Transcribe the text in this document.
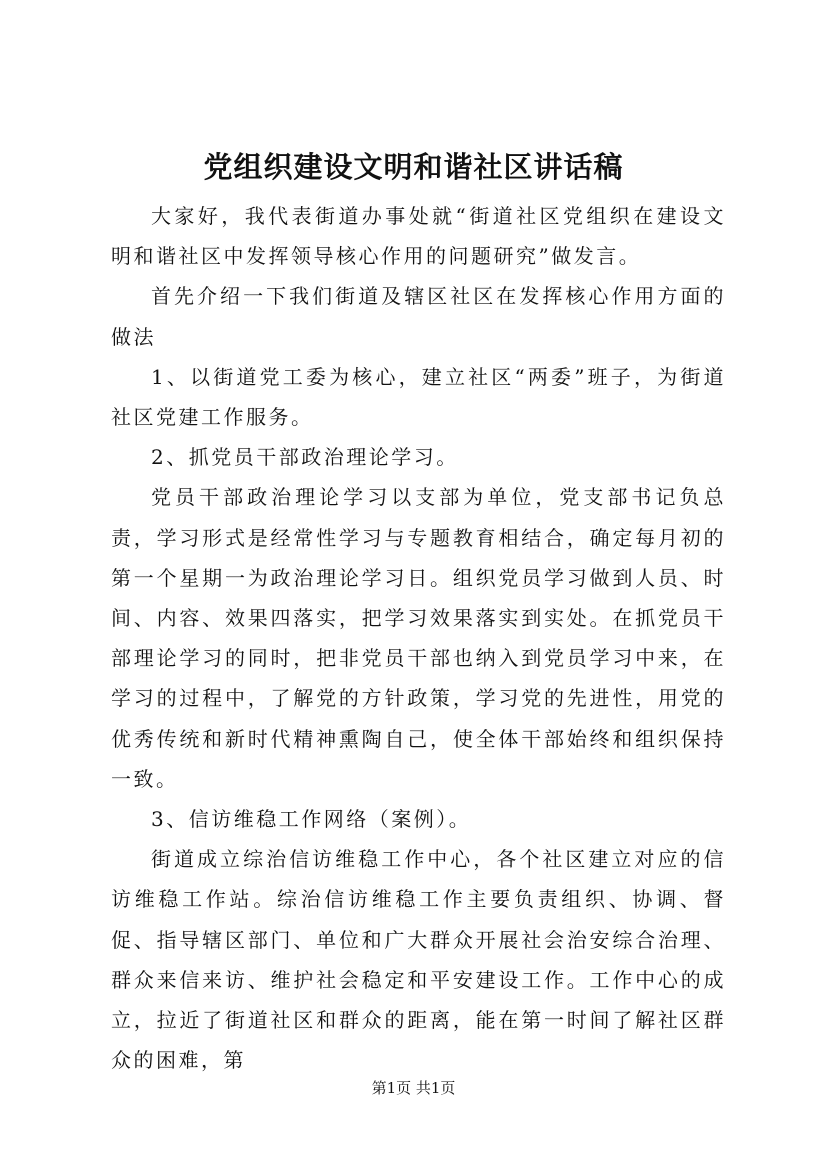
党组织建设文明和谐社区讲话稿

大家好，我代表街道办事处就“街道社区党组织在建设文明和谐社区中发挥领导核心作用的问题研究”做发言。

首先介绍一下我们街道及辖区社区在发挥核心作用方面的做法

1、以街道党工委为核心，建立社区“两委”班子，为街道社区党建工作服务。

2、抓党员干部政治理论学习。

党员干部政治理论学习以支部为单位，党支部书记负总责，学习形式是经常性学习与专题教育相结合，确定每月初的第一个星期一为政治理论学习日。组织党员学习做到人员、时间、内容、效果四落实，把学习效果落实到实处。在抓党员干部理论学习的同时，把非党员干部也纳入到党员学习中来，在学习的过程中，了解党的方针政策，学习党的先进性，用党的优秀传统和新时代精神熏陶自己，使全体干部始终和组织保持一致。

3、信访维稳工作网络（案例）。

街道成立综治信访维稳工作中心，各个社区建立对应的信访维稳工作站。综治信访维稳工作主要负责组织、协调、督促、指导辖区部门、单位和广大群众开展社会治安综合治理、群众来信来访、维护社会稳定和平安建设工作。工作中心的成立，拉近了街道社区和群众的距离，能在第一时间了解社区群众的困难，第

第1页 共1页
